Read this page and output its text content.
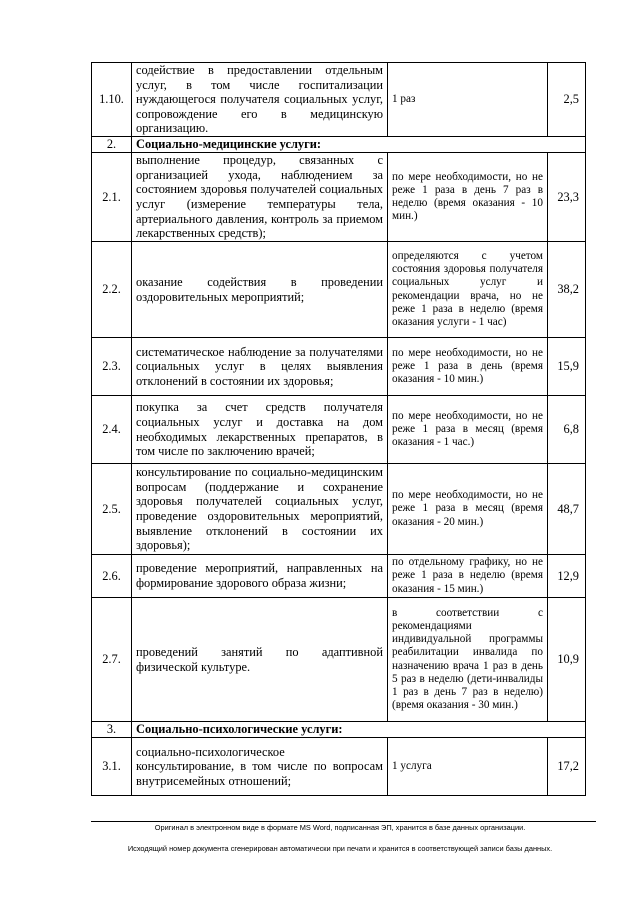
1.10.	содействие в предоставлении отдельным услуг, в том числе госпитализации нуждающегося получателя социальных услуг, сопровождение его в медицинскую организацию.	1 раз	2,5
2.	Социально-медицинские услуги:		
2.1.	выполнение процедур, связанных с организацией ухода, наблюдением за состоянием здоровья получателей социальных услуг (измерение температуры тела, артериального давления, контроль за приемом лекарственных средств);	по мере необходимости, но не реже 1 раза в день 7 раз в неделю (время оказания - 10 мин.)	23,3
2.2.	оказание содействия в проведении оздоровительных мероприятий;	определяются с учетом состояния здоровья получателя социальных услуг и рекомендации врача, но не реже 1 раза в неделю (время оказания услуги - 1 час)	38,2
2.3.	систематическое наблюдение за получателями социальных услуг в целях выявления отклонений в состоянии их здоровья;	по мере необходимости, но не реже 1 раза в день (время оказания - 10 мин.)	15,9
2.4.	покупка за счет средств получателя социальных услуг и доставка на дом необходимых лекарственных препаратов, в том числе по заключению врачей;	по мере необходимости, но не реже 1 раза в месяц (время оказания - 1 час.)	6,8
2.5.	консультирование по социально-медицинским вопросам (поддержание и сохранение здоровья получателей социальных услуг, проведение оздоровительных мероприятий, выявление отклонений в состоянии их здоровья);	по мере необходимости, но не реже 1 раза в месяц (время оказания - 20 мин.)	48,7
2.6.	проведение мероприятий, направленных на формирование здорового образа жизни;	по отдельному графику, но не реже 1 раза в неделю (время оказания - 15 мин.)	12,9
2.7.	проведений занятий по адаптивной физической культуре.	в соответствии с рекомендациями индивидуальной программы реабилитации инвалида по назначению врача 1 раз в день 5 раз в неделю (дети-инвалиды 1 раз в день 7 раз в неделю) (время оказания - 30 мин.)	10,9
3.	Социально-психологические услуги:		
3.1.	социально-психологическое консультирование, в том числе по вопросам внутрисемейных отношений;	1 услуга	17,2
Оригинал в электронном виде в формате MS Word, подписанная ЭП, хранится в базе данных организации.
Исходящий номер документа сгенерирован автоматически при печати и хранится в соответствующей записи базы данных.
